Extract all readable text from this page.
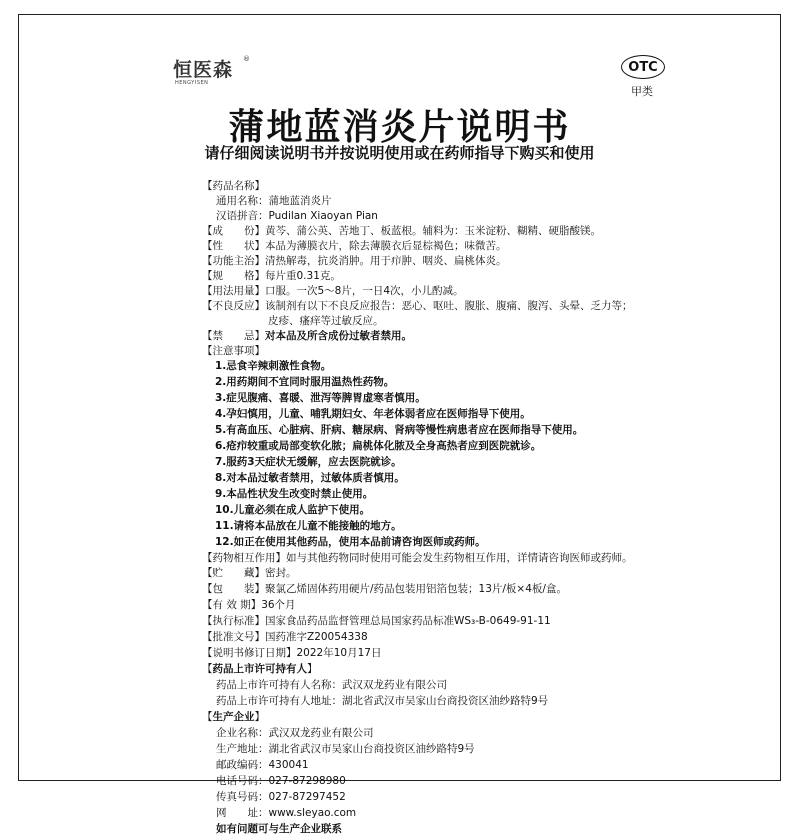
恒医森 ®
HENGYISEN
OTC
甲类
蒲地蓝消炎片说明书
请仔细阅读说明书并按说明使用或在药师指导下购买和使用
【药品名称】
通用名称：蒲地蓝消炎片
汉语拼音：Pudilan Xiaoyan Pian
【成　　份】黄芩、蒲公英、苦地丁、板蓝根。辅料为：玉米淀粉、糊精、硬脂酸镁。
【性　　状】本品为薄膜衣片，除去薄膜衣后显棕褐色；味微苦。
【功能主治】清热解毒，抗炎消肿。用于疖肿、咽炎、扁桃体炎。
【规　　格】每片重0.31克。
【用法用量】口服。一次5～8片，一日4次，小儿酌减。
【不良反应】该制剂有以下不良反应报告：恶心、呕吐、腹胀、腹痛、腹泻、头晕、乏力等；
皮疹、瘙痒等过敏反应。
【禁　　忌】对本品及所含成份过敏者禁用。
【注意事项】
1.忌食辛辣刺激性食物。
2.用药期间不宜同时服用温热性药物。
3.症见腹痛、喜暖、泄泻等脾胃虚寒者慎用。
4.孕妇慎用，儿童、哺乳期妇女、年老体弱者应在医师指导下使用。
5.有高血压、心脏病、肝病、糖尿病、肾病等慢性病患者应在医师指导下使用。
6.疮疖较重或局部变软化脓；扁桃体化脓及全身高热者应到医院就诊。
7.服药3天症状无缓解，应去医院就诊。
8.对本品过敏者禁用，过敏体质者慎用。
9.本品性状发生改变时禁止使用。
10.儿童必须在成人监护下使用。
11.请将本品放在儿童不能接触的地方。
12.如正在使用其他药品，使用本品前请咨询医师或药师。
【药物相互作用】如与其他药物同时使用可能会发生药物相互作用，详情请咨询医师或药师。
【贮　　藏】密封。
【包　　装】聚氯乙烯固体药用硬片/药品包装用铝箔包装；13片/板×4板/盒。
【有 效 期】36个月
【执行标准】国家食品药品监督管理总局国家药品标准WS₃-B-0649-91-11
【批准文号】国药准字Z20054338
【说明书修订日期】2022年10月17日
【药品上市许可持有人】
药品上市许可持有人名称：武汉双龙药业有限公司
药品上市许可持有人地址：湖北省武汉市吴家山台商投资区油纱路特9号
【生产企业】
企业名称：武汉双龙药业有限公司
生产地址：湖北省武汉市吴家山台商投资区油纱路特9号
邮政编码：430041
电话号码：027-87298980
传真号码：027-87297452
网　　址：www.sleyao.com
如有问题可与生产企业联系
